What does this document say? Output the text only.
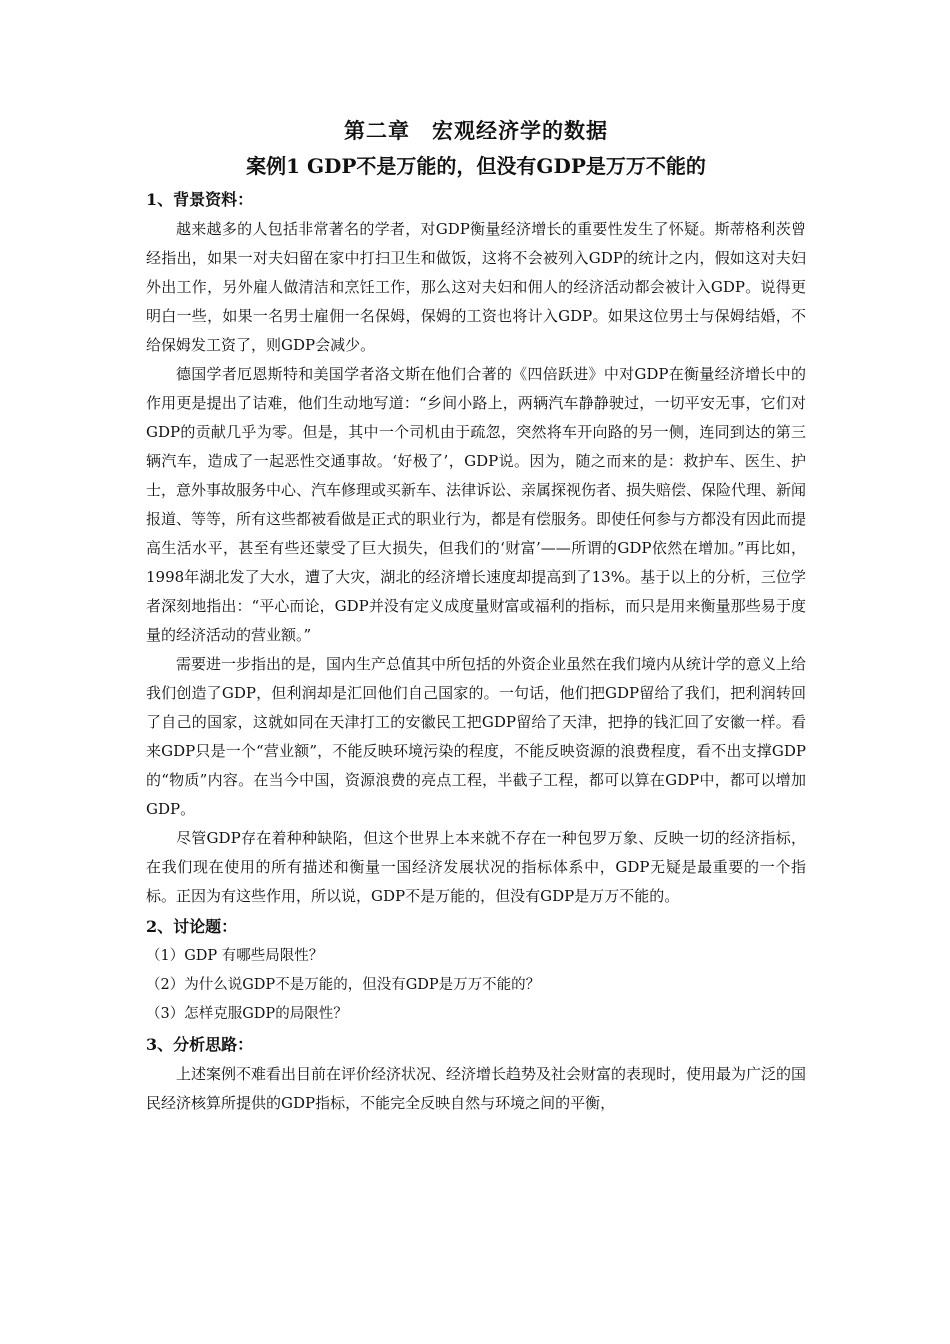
第二章　宏观经济学的数据
案例1 GDP不是万能的，但没有GDP是万万不能的
1、背景资料：

越来越多的人包括非常著名的学者，对GDP衡量经济增长的重要性发生了怀疑。斯蒂格利茨曾经指出，如果一对夫妇留在家中打扫卫生和做饭，这将不会被列入GDP的统计之内，假如这对夫妇外出工作，另外雇人做清洁和烹饪工作，那么这对夫妇和佣人的经济活动都会被计入GDP。说得更明白一些，如果一名男士雇佣一名保姆，保姆的工资也将计入GDP。如果这位男士与保姆结婚，不给保姆发工资了，则GDP会减少。

德国学者厄恩斯特和美国学者洛文斯在他们合著的《四倍跃进》中对GDP在衡量经济增长中的作用更是提出了诘难，他们生动地写道：“乡间小路上，两辆汽车静静驶过，一切平安无事，它们对GDP的贡献几乎为零。但是，其中一个司机由于疏忽，突然将车开向路的另一侧，连同到达的第三辆汽车，造成了一起恶性交通事故。‘好极了’，GDP说。因为，随之而来的是：救护车、医生、护士，意外事故服务中心、汽车修理或买新车、法律诉讼、亲属探视伤者、损失赔偿、保险代理、新闻报道、等等，所有这些都被看做是正式的职业行为，都是有偿服务。即使任何参与方都没有因此而提高生活水平，甚至有些还蒙受了巨大损失，但我们的‘财富’——所谓的GDP依然在增加。”再比如，1998年湖北发了大水，遭了大灾，湖北的经济增长速度却提高到了13%。基于以上的分析，三位学者深刻地指出：“平心而论，GDP并没有定义成度量财富或福利的指标，而只是用来衡量那些易于度量的经济活动的营业额。”

需要进一步指出的是，国内生产总值其中所包括的外资企业虽然在我们境内从统计学的意义上给我们创造了GDP，但利润却是汇回他们自己国家的。一句话，他们把GDP留给了我们，把利润转回了自己的国家，这就如同在天津打工的安徽民工把GDP留给了天津，把挣的钱汇回了安徽一样。看来GDP只是一个“营业额”，不能反映环境污染的程度，不能反映资源的浪费程度，看不出支撑GDP的“物质”内容。在当今中国，资源浪费的亮点工程，半截子工程，都可以算在GDP中，都可以增加GDP。

尽管GDP存在着种种缺陷，但这个世界上本来就不存在一种包罗万象、反映一切的经济指标，在我们现在使用的所有描述和衡量一国经济发展状况的指标体系中，GDP无疑是最重要的一个指标。正因为有这些作用，所以说，GDP不是万能的，但没有GDP是万万不能的。

2、讨论题：
（1）GDP 有哪些局限性？
（2）为什么说GDP不是万能的，但没有GDP是万万不能的？
（3）怎样克服GDP的局限性？
3、分析思路：

上述案例不难看出目前在评价经济状况、经济增长趋势及社会财富的表现时，使用最为广泛的国民经济核算所提供的GDP指标，不能完全反映自然与环境之间的平衡，
